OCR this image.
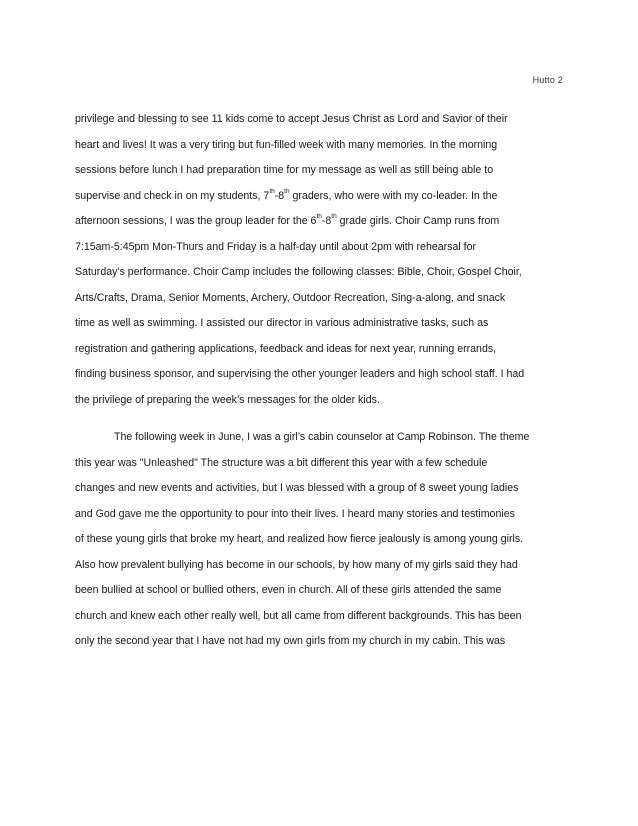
Hutto 2
privilege and blessing to see 11 kids come to accept Jesus Christ as Lord and Savior of their
heart and lives! It was a very tiring but fun-filled week with many memories. In the morning
sessions before lunch I had preparation time for my message as well as still being able to
supervise and check in on my students, 7th-8th graders, who were with my co-leader. In the
afternoon sessions, I was the group leader for the 6th-8th grade girls. Choir Camp runs from
7:15am-5:45pm Mon-Thurs and Friday is a half-day until about 2pm with rehearsal for
Saturday’s performance. Choir Camp includes the following classes: Bible, Choir, Gospel Choir,
Arts/Crafts, Drama, Senior Moments, Archery, Outdoor Recreation, Sing-a-along, and snack
time as well as swimming. I assisted our director in various administrative tasks, such as
registration and gathering applications, feedback and ideas for next year, running errands,
finding business sponsor, and supervising the other younger leaders and high school staff. I had
the privilege of preparing the week’s messages for the older kids.
The following week in June, I was a girl’s cabin counselor at Camp Robinson. The theme
this year was "Unleashed" The structure was a bit different this year with a few schedule
changes and new events and activities, but I was blessed with a group of 8 sweet young ladies
and God gave me the opportunity to pour into their lives. I heard many stories and testimonies
of these young girls that broke my heart, and realized how fierce jealously is among young girls.
Also how prevalent bullying has become in our schools, by how many of my girls said they had
been bullied at school or bullied others, even in church. All of these girls attended the same
church and knew each other really well, but all came from different backgrounds. This has been
only the second year that I have not had my own girls from my church in my cabin. This was
